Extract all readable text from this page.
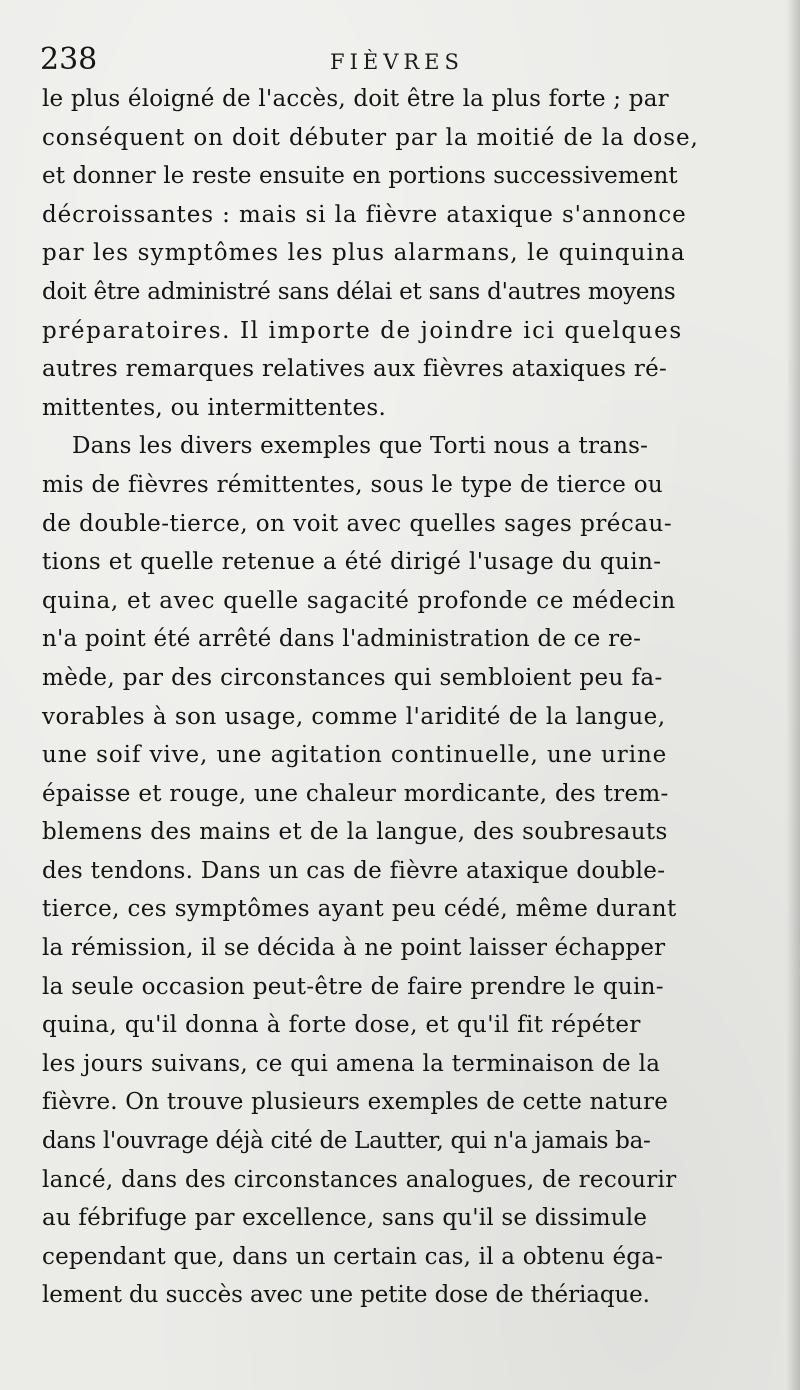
238	FIÈVRES
le plus éloigné de l'accès, doit être la plus forte ; par
conséquent on doit débuter par la moitié de la dose,
et donner le reste ensuite en portions successivement
décroissantes : mais si la fièvre ataxique s'annonce
par les symptômes les plus alarmans, le quinquina
doit être administré sans délai et sans d'autres moyens
préparatoires. Il importe de joindre ici quelques
autres remarques relatives aux fièvres ataxiques ré-
mittentes, ou intermittentes.
Dans les divers exemples que Torti nous a trans-
mis de fièvres rémittentes, sous le type de tierce ou
de double-tierce, on voit avec quelles sages précau-
tions et quelle retenue a été dirigé l'usage du quin-
quina, et avec quelle sagacité profonde ce médecin
n'a point été arrêté dans l'administration de ce re-
mède, par des circonstances qui sembloient peu fa-
vorables à son usage, comme l'aridité de la langue,
une soif vive, une agitation continuelle, une urine
épaisse et rouge, une chaleur mordicante, des trem-
blemens des mains et de la langue, des soubresauts
des tendons. Dans un cas de fièvre ataxique double-
tierce, ces symptômes ayant peu cédé, même durant
la rémission, il se décida à ne point laisser échapper
la seule occasion peut-être de faire prendre le quin-
quina, qu'il donna à forte dose, et qu'il fit répéter
les jours suivans, ce qui amena la terminaison de la
fièvre. On trouve plusieurs exemples de cette nature
dans l'ouvrage déjà cité de Lautter, qui n'a jamais ba-
lancé, dans des circonstances analogues, de recourir
au fébrifuge par excellence, sans qu'il se dissimule
cependant que, dans un certain cas, il a obtenu éga-
lement du succès avec une petite dose de thériaque.
